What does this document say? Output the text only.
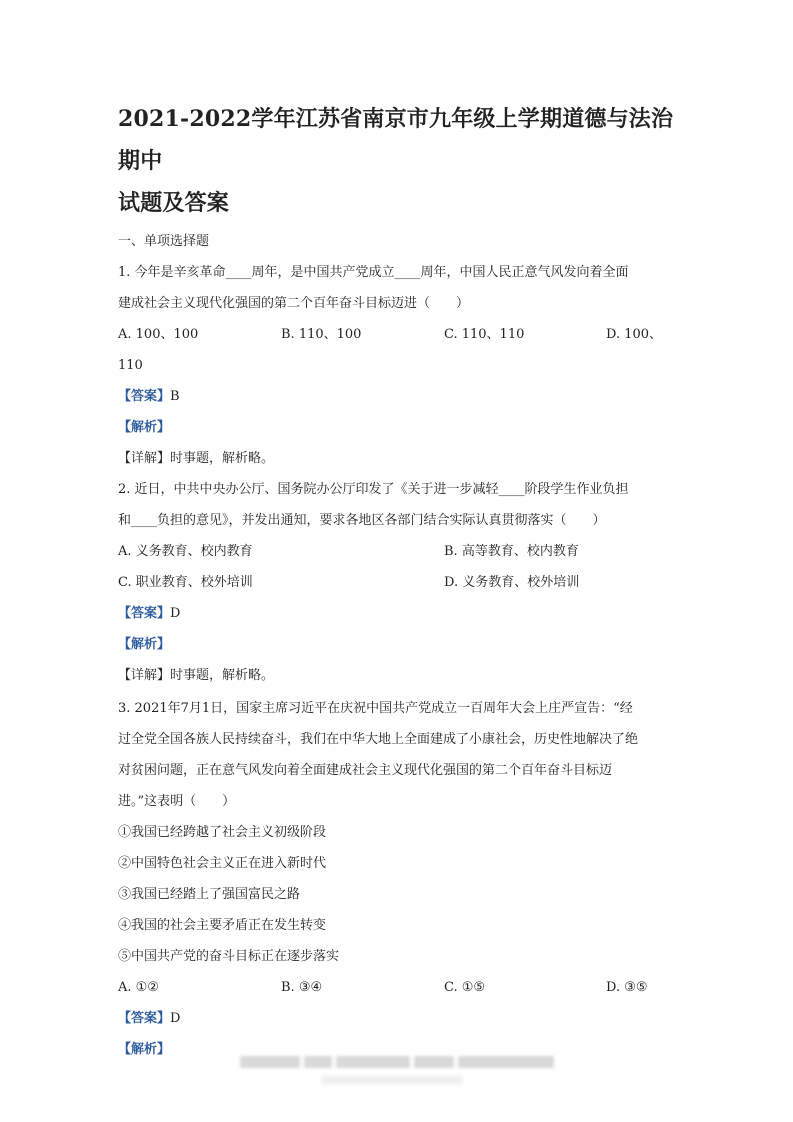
2021-2022学年江苏省南京市九年级上学期道德与法治期中
试题及答案
一、单项选择题
1. 今年是辛亥革命____周年，是中国共产党成立____周年，中国人民正意气风发向着全面
建成社会主义现代化强国的第二个百年奋斗目标迈进（　　）
A. 100、100	B. 110、100	C. 110、110	D. 100、
110
【答案】B
【解析】
【详解】时事题，解析略。
2. 近日，中共中央办公厅、国务院办公厅印发了《关于进一步减轻____阶段学生作业负担
和____负担的意见》，并发出通知，要求各地区各部门结合实际认真贯彻落实（　　）
A. 义务教育、校内教育	B. 高等教育、校内教育
C. 职业教育、校外培训	D. 义务教育、校外培训
【答案】D
【解析】
【详解】时事题，解析略。
3. 2021年7月1日，国家主席习近平在庆祝中国共产党成立一百周年大会上庄严宣告：“经
过全党全国各族人民持续奋斗，我们在中华大地上全面建成了小康社会，历史性地解决了绝
对贫困问题，正在意气风发向着全面建成社会主义现代化强国的第二个百年奋斗目标迈
进。”这表明（　　）
①我国已经跨越了社会主义初级阶段
②中国特色社会主义正在进入新时代
③我国已经踏上了强国富民之路
④我国的社会主要矛盾正在发生转变
⑤中国共产党的奋斗目标正在逐步落实
A. ①②	B. ③④	C. ①⑤	D. ③⑤
【答案】D
【解析】
